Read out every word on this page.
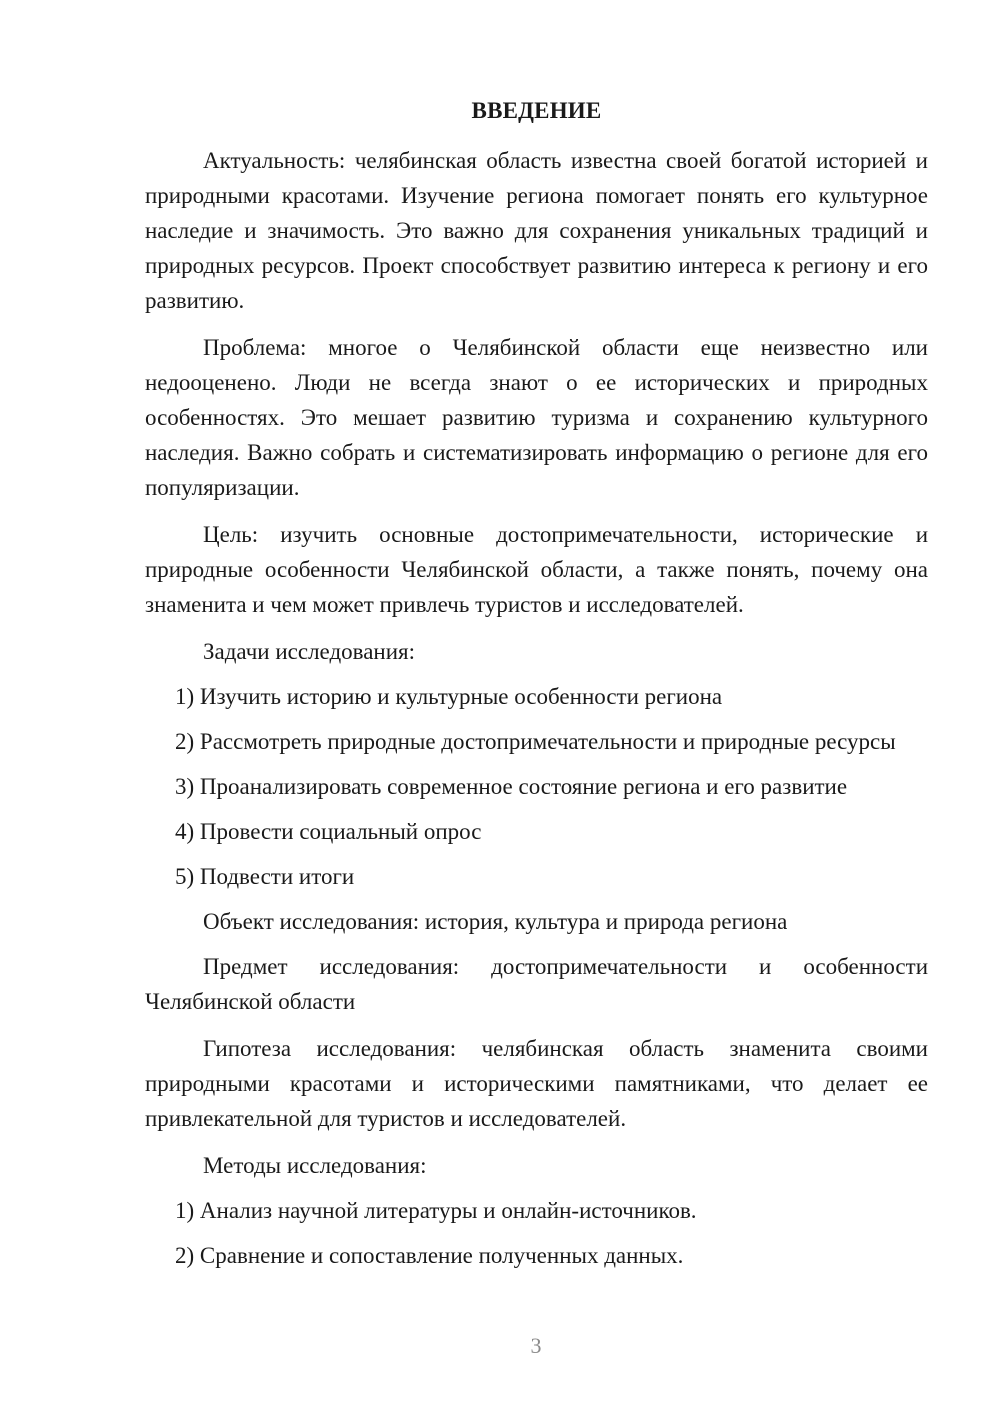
ВВЕДЕНИЕ

Актуальность: челябинская область известна своей богатой историей и природными красотами. Изучение региона помогает понять его культурное наследие и значимость. Это важно для сохранения уникальных традиций и природных ресурсов. Проект способствует развитию интереса к региону и его развитию.

Проблема: многое о Челябинской области еще неизвестно или недооценено. Люди не всегда знают о ее исторических и природных особенностях. Это мешает развитию туризма и сохранению культурного наследия. Важно собрать и систематизировать информацию о регионе для его популяризации.

Цель: изучить основные достопримечательности, исторические и природные особенности Челябинской области, а также понять, почему она знаменита и чем может привлечь туристов и исследователей.

Задачи исследования:

1) Изучить историю и культурные особенности региона

2) Рассмотреть природные достопримечательности и природные ресурсы

3) Проанализировать современное состояние региона и его развитие

4) Провести социальный опрос

5) Подвести итоги

Объект исследования: история, культура и природа региона

Предмет исследования: достопримечательности и особенности Челябинской области

Гипотеза исследования: челябинская область знаменита своими природными красотами и историческими памятниками, что делает ее привлекательной для туристов и исследователей.

Методы исследования:

1) Анализ научной литературы и онлайн-источников.

2) Сравнение и сопоставление полученных данных.

3
